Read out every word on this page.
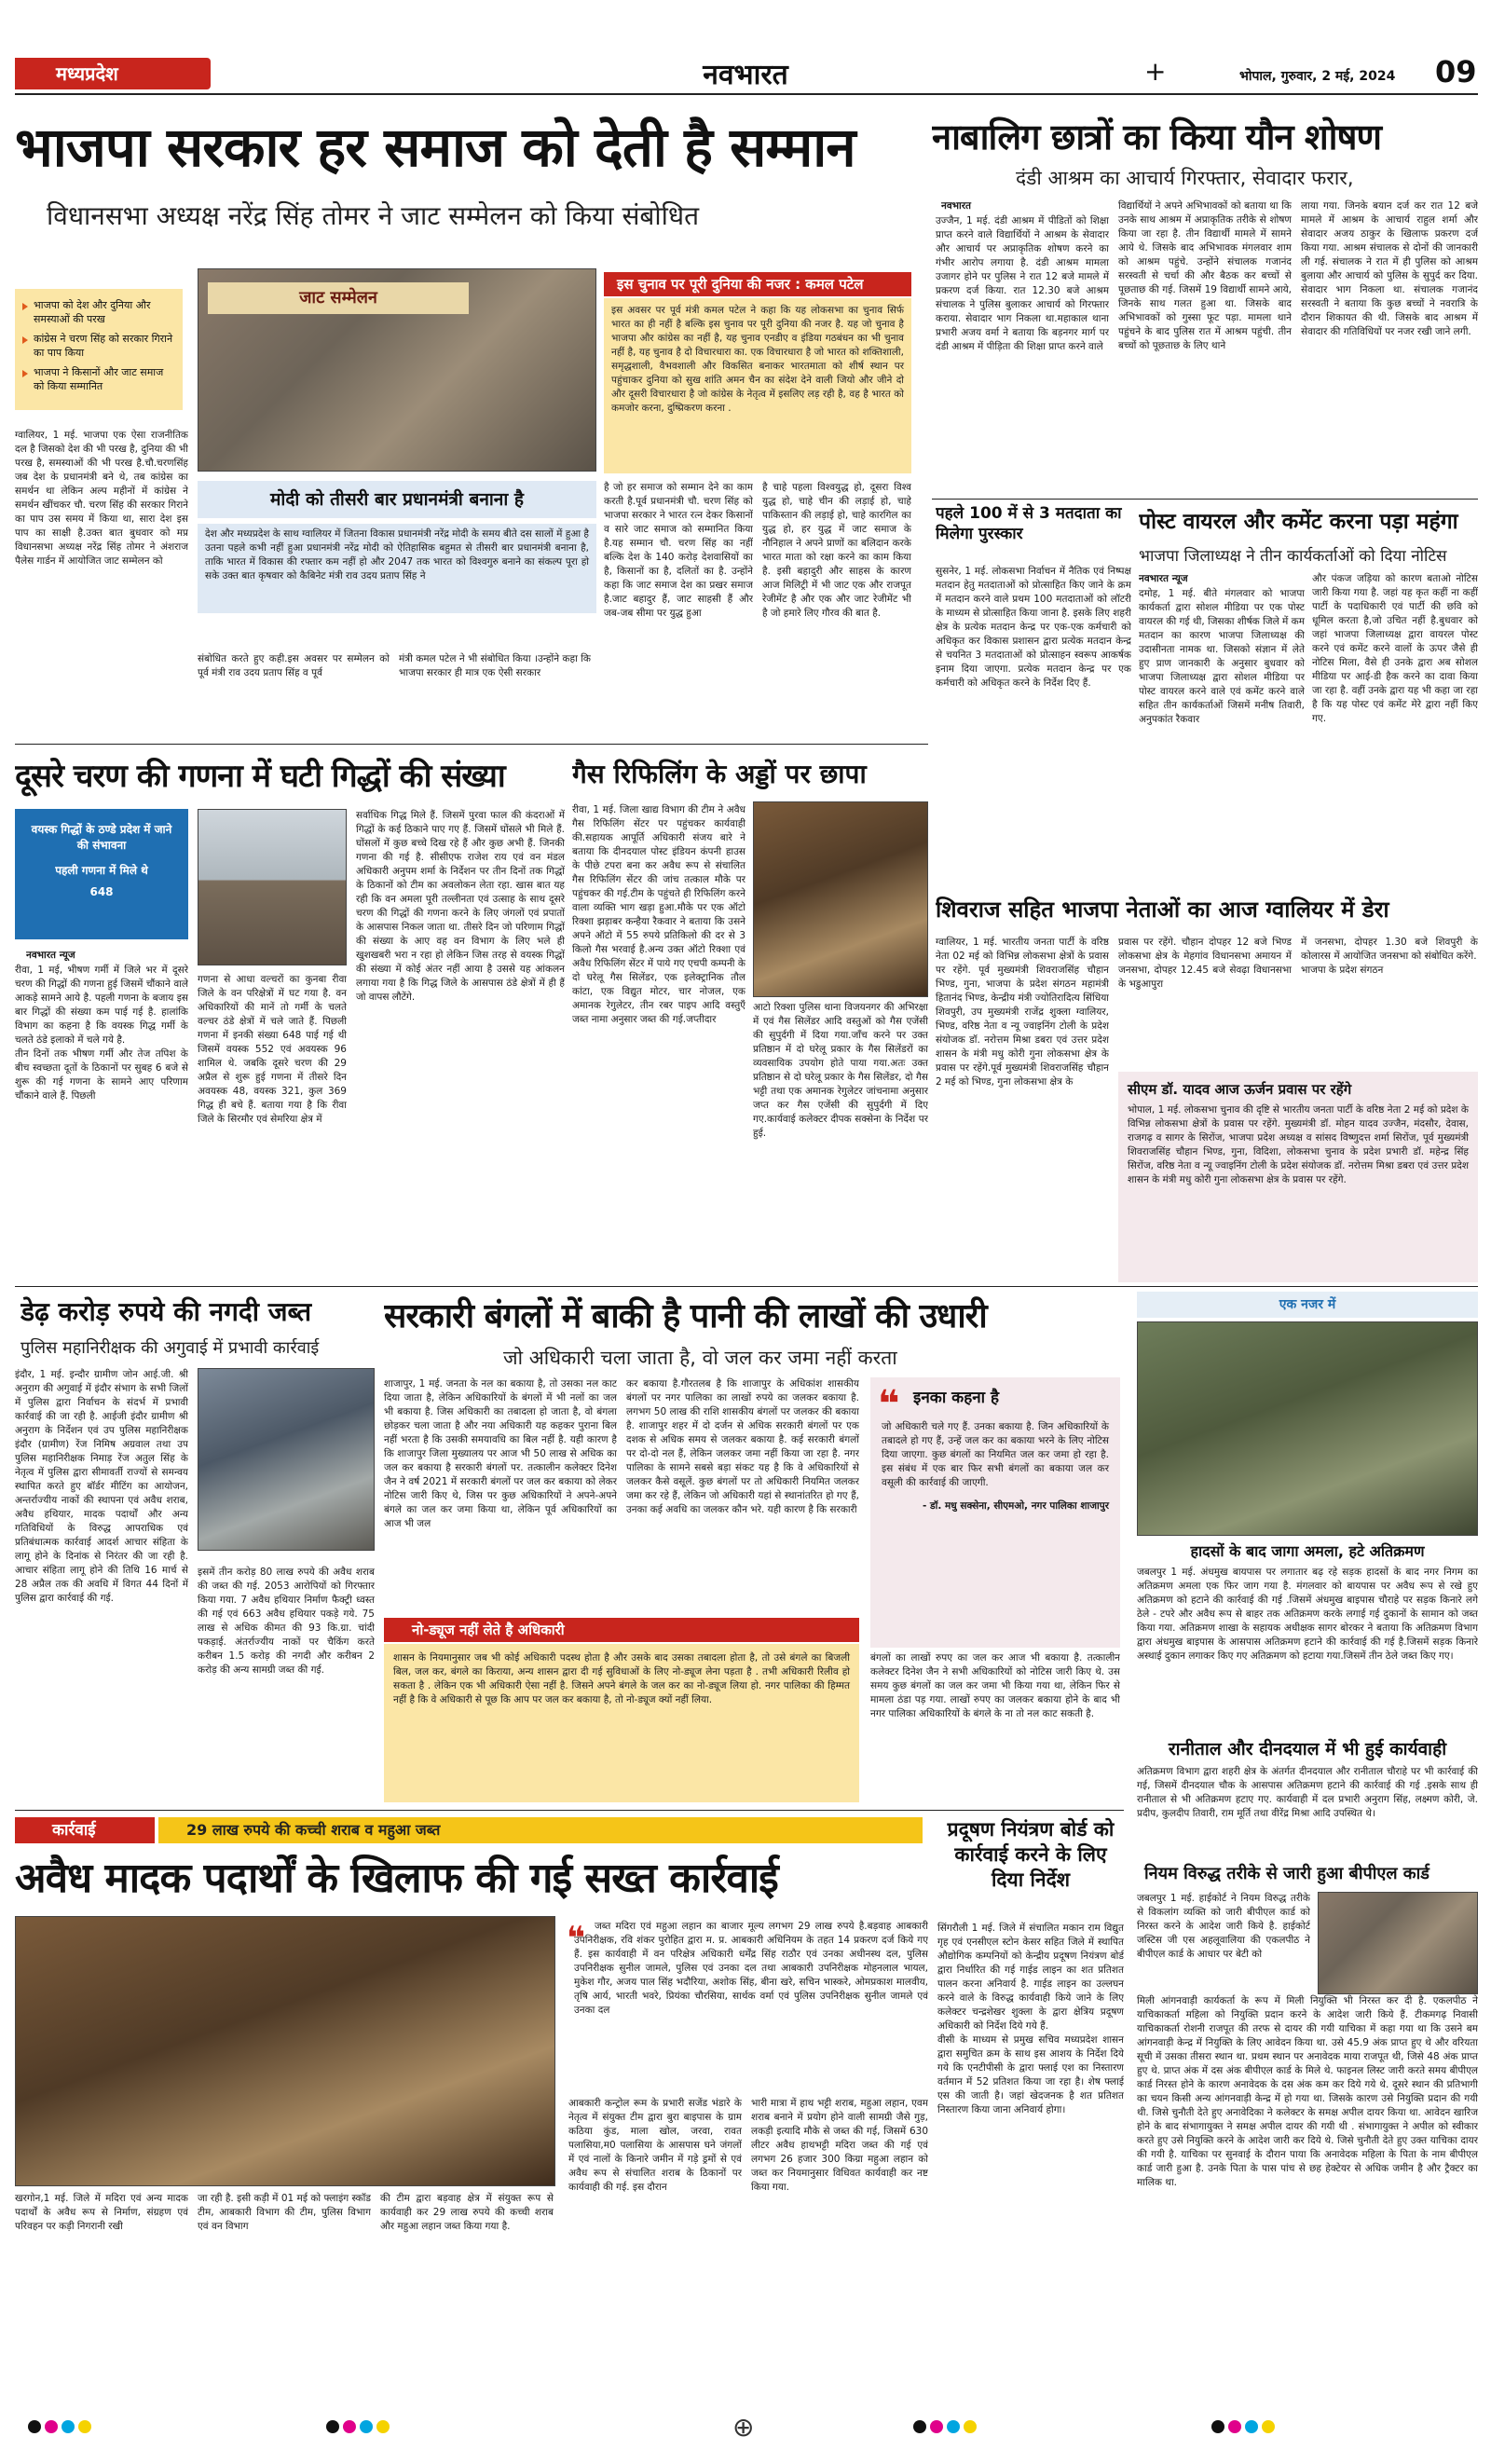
मध्यप्रदेश	नवभारत	+	भोपाल, गुरुवार, 2 मई, 2024	09
भाजपा सरकार हर समाज को देती है सम्मान
विधानसभा अध्यक्ष नरेंद्र सिंह तोमर ने जाट सम्मेलन को किया संबोधित
भाजपा को देश और दुनिया और समस्याओं की परख
कांग्रेस ने चरण सिंह को सरकार गिराने का पाप किया
भाजपा ने किसानों और जाट समाज को किया सम्मानित
ग्वालियर, 1 मई. भाजपा एक ऐसा राजनीतिक दल है जिसको देश की भी परख है, दुनिया की भी परख है, समस्याओं की भी परख है.चौ.चरणसिंह जब देश के प्रधानमंत्री बने थे, तब कांग्रेस का समर्थन था लेकिन अल्प महीनों में कांग्रेस ने समर्थन खींचकर चौ. चरण सिंह की सरकार गिराने का पाप उस समय में किया था, सारा देश इस पाप का साक्षी है.उक्त बात बुधवार को मप्र विधानसभा अध्यक्ष नरेंद्र सिंह तोमर ने अंशराज पैलेस गार्डन में आयोजित जाट सम्मेलन को
जाट सम्मेलन
इस चुनाव पर पूरी दुनिया की नजर : कमल पटेल
इस अवसर पर पूर्व मंत्री कमल पटेल ने कहा कि यह लोकसभा का चुनाव सिर्फ भारत का ही नहीं है बल्कि इस चुनाव पर पूरी दुनिया की नजर है. यह जो चुनाव है भाजपा और कांग्रेस का नहीं है, यह चुनाव एनडीए व इंडिया गठबंधन का भी चुनाव नहीं है, यह चुनाव है दो विचारधारा का. एक विचारधारा है जो भारत को शक्तिशाली, समृद्धशाली, वैभवशाली और विकसित बनाकर भारतमाता को शीर्ष स्थान पर पहुंचाकर दुनिया को सुख शांति अमन चैन का संदेश देने वाली जियो और जीने दो और दूसरी विचारधारा है जो कांग्रेस के नेतृत्व में इसलिए लड़ रही है, वह है भारत को कमजोर करना, दुष्प्रिकरण करना .
मोदी को तीसरी बार प्रधानमंत्री बनाना है
देश और मध्यप्रदेश के साथ ग्वालियर में जितना विकास प्रधानमंत्री नरेंद्र मोदी के समय बीते दस सालों में हुआ है उतना पहले कभी नहीं हुआ प्रधानमंत्री नरेंद्र मोदी को ऐतिहासिक बहुमत से तीसरी बार प्रधानमंत्री बनाना है, ताकि भारत में विकास की रफ्तार कम नहीं हो और 2047 तक भारत को विश्वगुरु बनाने का संकल्प पूरा हो सके उक्त बात कृषवार को कैबिनेट मंत्री राव उदय प्रताप सिंह ने
संबोधित करते हुए कही.इस अवसर पर सम्मेलन को पूर्व मंत्री राव उदय प्रताप सिंह व पूर्व
मंत्री कमल पटेल ने भी संबोधित किया ।उन्होंने कहा कि भाजपा सरकार ही मात्र एक ऐसी सरकार
है जो हर समाज को सम्मान देने का काम करती है.पूर्व प्रधानमंत्री चौ. चरण सिंह को भाजपा सरकार ने भारत रत्न देकर किसानों व सारे जाट समाज को सम्मानित किया है.यह सम्मान चौ. चरण सिंह का नहीं बल्कि देश के 140 करोड़ देशवासियों का है, किसानों का है, दलितों का है. उन्होंने कहा कि जाट समाज देश का प्रखर समाज है.जाट बहादुर हैं, जाट साहसी हैं और जब-जब सीमा पर युद्ध हुआ
है चाहे पहला विश्वयुद्ध हो, दूसरा विश्व युद्ध हो, चाहे चीन की लड़ाई हो, चाहे पाकिस्तान की लड़ाई हो, चाहे कारगिल का युद्ध हो, हर युद्ध में जाट समाज के नौनिहाल ने अपने प्राणों का बलिदान करके भारत माता को रक्षा करने का काम किया है. इसी बहादुरी और साहस के कारण आज मिलिट्री में भी जाट एक और राजपूत रेजीमेंट है और एक और जाट रेजीमेंट भी है जो हमारे लिए गौरव की बात है.
नाबालिग छात्रों का किया यौन शोषण
दंडी आश्रम का आचार्य गिरफ्तार, सेवादार फरार,
नवभारत
उज्जैन, 1 मई. दंडी आश्रम में पीडितों को शिक्षा प्राप्त करने वाले विद्यार्थियों ने आश्रम के सेवादार और आचार्य पर अप्राकृतिक शोषण करने का गंभीर आरोप लगाया है. दंडी आश्रम मामला उजागर होने पर पुलिस ने रात 12 बजे मामले में प्रकरण दर्ज किया. रात 12.30 बजे आश्रम संचालक ने पुलिस बुलाकर आचार्य को गिरफ्तार कराया. सेवादार भाग निकला था.महाकाल थाना प्रभारी अजय वर्मा ने बताया कि बड़नगर मार्ग पर दंडी आश्रम में पीड़िता की शिक्षा प्राप्त करने वाले
विद्यार्थियों ने अपने अभिभावकों को बताया था कि उनके साथ आश्रम में अप्राकृतिक तरीके से शोषण किया जा रहा है. तीन विद्यार्थी मामले में सामने आये थे. जिसके बाद अभिभावक मंगलवार शाम को आश्रम पहुंचे. उन्होंने संचालक गजानंद सरस्वती से चर्चा की और बैठक कर बच्चों से पूछताछ की गई. जिसमें 19 विद्यार्थी सामने आये, जिनके साथ गलत हुआ था. जिसके बाद अभिभावकों को गुस्सा फूट पड़ा. मामला थाने पहुंचने के बाद पुलिस रात में आश्रम पहुंची. तीन बच्चों को पूछताछ के लिए थाने
लाया गया. जिनके बयान दर्ज कर रात 12 बजे मामले में आश्रम के आचार्य राहुल शर्मा और सेवादार अजय ठाकुर के खिलाफ प्रकरण दर्ज किया गया. आश्रम संचालक से दोनों की जानकारी ली गई. संचालक ने रात में ही पुलिस को आश्रम बुलाया और आचार्य को पुलिस के सुपुर्द कर दिया. सेवादार भाग निकला था. संचालक गजानंद सरस्वती ने बताया कि कुछ बच्चों ने नवरात्रि के दौरान शिकायत की थी. जिसके बाद आश्रम में सेवादार की गतिविधियों पर नजर रखी जाने लगी.
पहले 100 में से 3 मतदाता का मिलेगा पुरस्कार
सुसनेर, 1 मई. लोकसभा निर्वाचन में नैतिक एवं निष्पक्ष मतदान हेतु मतदाताओं को प्रोत्साहित किए जाने के क्रम में मतदान करने वाले प्रथम 100 मतदाताओं को लॉटरी के माध्यम से प्रोत्साहित किया जाना है. इसके लिए शहरी क्षेत्र के प्रत्येक मतदान केन्द्र पर एक-एक कर्मचारी को अधिकृत कर विकास प्रशासन द्वारा प्रत्येक मतदान केन्द्र से चयनित 3 मतदाताओं को प्रोत्साहन स्वरूप आकर्षक इनाम दिया जाएगा. प्रत्येक मतदान केन्द्र पर एक कर्मचारी को अधिकृत करने के निर्देश दिए हैं.
पोस्ट वायरल और कमेंट करना पड़ा महंगा
भाजपा जिलाध्यक्ष ने तीन कार्यकर्ताओं को दिया नोटिस
नवभारत न्यूज
दमोह, 1 मई. बीते मंगलवार को भाजपा कार्यकर्ता द्वारा सोशल मीडिया पर एक पोस्ट वायरल की गई थी, जिसका शीर्षक जिले में कम मतदान का कारण भाजपा जिलाध्यक्ष की उदासीनता नामक था. जिसको संज्ञान में लेते हुए प्राण जानकारी के अनुसार बुधवार को भाजपा जिलाध्यक्ष द्वारा सोशल मीडिया पर पोस्ट वायरल करने वाले एवं कमेंट करने वाले सहित तीन कार्यकर्ताओं जिसमें मनीष तिवारी, अनुपकांत रैकवार
और पंकज जड़िया को कारण बताओ नोटिस जारी किया गया है. जहां यह कृत कहीं ना कहीं पार्टी के पदाधिकारी एवं पार्टी की छवि को धूमिल करता है,जो उचित नहीं है.बुधवार को जहां भाजपा जिलाध्यक्ष द्वारा वायरल पोस्ट करने एवं कमेंट करने वालों के ऊपर जैसे ही नोटिस मिला, वैसे ही उनके द्वारा अब सोशल मीडिया पर आई-डी हैक करने का दावा किया जा रहा है. वहीं उनके द्वारा यह भी कहा जा रहा है कि यह पोस्ट एवं कमेंट मेरे द्वारा नहीं किए गए.
दूसरे चरण की गणना में घटी गिद्धों की संख्या
वयस्क गिद्धों के ठण्डे प्रदेश में जाने की संभावना
पहली गणना में मिले थे
648
नवभारत न्यूज
रीवा, 1 मई, भीषण गर्मी में जिले भर में दूसरे चरण की गिद्धों की गणना हुई जिसमें चौंकाने वाले आकड़े सामने आये है. पहली गणना के बजाय इस बार गिद्धों की संख्या कम पाई गई है. हालांकि विभाग का कहना है कि वयस्क गिद्ध गर्मी के चलते ठंडे इलाको में चले गये है.
तीन दिनों तक भीषण गर्मी और तेज तपिश के बीच स्वच्छता दूतों के ठिकानों पर सुबह 6 बजे से शुरू की गई गणना के सामने आए परिणाम चौंकाने वाले हैं. पिछली
गणना से आधा वल्चरों का कुनबा रीवा जिले के वन परिक्षेत्रों में घट गया है. वन अधिकारियों की मानें तो गर्मी के चलते वल्चर ठंडे क्षेत्रों में चले जाते हैं. पिछली गणना में इनकी संख्या 648 पाई गई थी जिसमें वयस्क 552 एवं अवयस्क 96 शामिल थे. जबकि दूसरे चरण की 29 अप्रैल से शुरू हुई गणना में तीसरे दिन अवयस्क 48, वयस्क 321, कुल 369 गिद्ध ही बचे हैं. बताया गया है कि रीवा जिले के सिरमौर एवं सेमरिया क्षेत्र में
सर्वाधिक गिद्ध मिले हैं. जिसमें पुरवा फाल की कंदराओं में गिद्धों के कई ठिकाने पाए गए हैं. जिसमें घोंसले भी मिले हैं. घोंसलों में कुछ बच्चे दिख रहे हैं और कुछ अभी हैं. जिनकी गणना की गई है. सीसीएफ राजेश राय एवं वन मंडल अधिकारी अनुपम शर्मा के निर्देशन पर तीन दिनों तक गिद्धों के ठिकानों को टीम का अवलोकन लेता रहा. खास बात यह रही कि वन अमला पूरी तल्लीनता एवं उत्साह के साथ दूसरे चरण की गिद्धों की गणना करने के लिए जंगलों एवं प्रपातों के आसपास निकल जाता था. तीसरे दिन जो परिणाम गिद्धों की संख्या के आए वह वन विभाग के लिए भले ही खुशखबरी भरा न रहा हो लेकिन जिस तरह से वयस्क गिद्धों की संख्या में कोई अंतर नहीं आया है उससे यह आंकलन लगाया गया है कि गिद्ध जिले के आसपास ठंडे क्षेत्रों में ही हैं जो वापस लौटेंगे.
गैस रिफिलिंग के अड्डों पर छापा
रीवा, 1 मई. जिला खाद्य विभाग की टीम ने अवैध गैस रिफिलिंग सेंटर पर पहुंचकर कार्यवाही की.सहायक आपूर्ति अधिकारी संजय बारे ने बताया कि दीनदयाल पोस्ट इंडियन कंपनी हाउस के पीछे टपरा बना कर अवैध रूप से संचालित गैस रिफिलिंग सेंटर की जांच तत्काल मौके पर पहुंचकर की गई.टीम के पहुंचते ही रिफिलिंग करने वाला व्यक्ति भाग खड़ा हुआ.मौके पर एक ऑटो रिक्शा झड़ाबर कन्हैया रैकवार ने बताया कि उसने अपने ऑटो में 55 रुपये प्रतिकिलो की दर से 3 किलो गैस भरवाई है.अन्य उक्त ऑटो रिक्शा एवं अवैध रिफिलिंग सेंटर में पाये गए एचपी कम्पनी के दो घरेलू गैस सिलेंडर, एक इलेक्ट्रानिक तौल कांटा, एक विद्युत मोटर, चार नोजल, एक अमानक रेगुलेटर, तीन रबर पाइप आदि वस्तुएँ जब्त नामा अनुसार जब्त की गई.जप्तीदार
आटो रिक्शा पुलिस थाना विजयनगर की अभिरक्षा में एवं गैस सिलेंडर आदि वस्तुओं को गैस एजेंसी की सुपुर्दगी में दिया गया.जाँच करने पर उक्त प्रतिष्ठान में दो घरेलू प्रकार के गैस सिलेंडरों का व्यवसायिक उपयोग होते पाया गया.अतः उक्त प्रतिष्ठान से दो घरेलू प्रकार के गैस सिलेंडर, दो गैस भट्टी तथा एक अमानक रेगुलेटर जांचनामा अनुसार जप्त कर गैस एजेंसी की सुपुर्दगी में दिए गए.कार्यवाई कलेक्टर दीपक सक्सेना के निर्देश पर हुई.
शिवराज सहित भाजपा नेताओं का आज ग्वालियर में डेरा
ग्वालियर, 1 मई. भारतीय जनता पार्टी के वरिष्ठ नेता 02 मई को विभिन्न लोकसभा क्षेत्रों के प्रवास पर रहेंगे. पूर्व मुख्यमंत्री शिवराजसिंह चौहान भिण्ड, गुना, भाजपा के प्रदेश संगठन महामंत्री हितानंद भिण्ड, केन्द्रीय मंत्री ज्योतिरादित्य सिंधिया शिवपुरी, उप मुख्यमंत्री राजेंद्र शुक्ला ग्वालियर, भिण्ड, वरिष्ठ नेता व न्यू ज्वाइनिंग टोली के प्रदेश संयोजक डॉ. नरोत्तम मिश्रा डबरा एवं उत्तर प्रदेश शासन के मंत्री मधु कोरी गुना लोकसभा क्षेत्र के प्रवास पर रहेंगे.पूर्व मुख्यमंत्री शिवराजसिंह चौहान 2 मई को भिण्ड, गुना लोकसभा क्षेत्र के
प्रवास पर रहेंगे. चौहान दोपहर 12 बजे भिण्ड लोकसभा क्षेत्र के मेहगांव विधानसभा अमायन में जनसभा, दोपहर 12.45 बजे सेवढ़ा विधानसभा के भडुआपुरा
में जनसभा, दोपहर 1.30 बजे शिवपुरी के कोलारस में आयोजित जनसभा को संबोधित करेंगे.
भाजपा के प्रदेश संगठन
सीएम डॉ. यादव आज ऊर्जन प्रवास पर रहेंगे
भोपाल, 1 मई. लोकसभा चुनाव की दृष्टि से भारतीय जनता पार्टी के वरिष्ठ नेता 2 मई को प्रदेश के विभिन्न लोकसभा क्षेत्रों के प्रवास पर रहेंगे. मुख्यमंत्री डॉ. मोहन यादव उज्जैन, मंदसौर, देवास, राजगढ़ व सागर के सिरोंज, भाजपा प्रदेश अध्यक्ष व सांसद विष्णुदत्त शर्मा सिरोंज, पूर्व मुख्यमंत्री शिवराजसिंह चौहान भिण्ड, गुना, विदिशा, लोकसभा चुनाव के प्रदेश प्रभारी डॉ. महेन्द्र सिंह सिरोंज, वरिष्ठ नेता व न्यू ज्वाइनिंग टोली के प्रदेश संयोजक डॉ. नरोत्तम मिश्रा डबरा एवं उत्तर प्रदेश शासन के मंत्री मधु कोरी गुना लोकसभा क्षेत्र के प्रवास पर रहेंगे.
डेढ़ करोड़ रुपये की नगदी जब्त
पुलिस महानिरीक्षक की अगुवाई में प्रभावी कार्रवाई
इंदौर, 1 मई. इन्दौर ग्रामीण जोन आई.जी. श्री अनुराग की अगुवाई में इंदौर संभाग के सभी जिलों में पुलिस द्वारा निर्वाचन के संदर्भ में प्रभावी कार्रवाई की जा रही है. आईजी इंदौर ग्रामीण श्री अनुराग के निर्देशन एवं उप पुलिस महानिरीक्षक इंदौर (ग्रामीण) रेंज निमिष अग्रवाल तथा उप पुलिस महानिरीक्षक निमाड़ रेंज अतुल सिंह के नेतृत्व में पुलिस द्वारा सीमावर्ती राज्यों से समन्वय स्थापित करते हुए बॉर्डर मीटिंग का आयोजन, अन्तर्राज्यीय नाकों की स्थापना एवं अवैध शराब, अवैध हथियार, मादक पदार्थों और अन्य गतिविधियों के विरुद्ध आपराधिक एवं प्रतिबंधात्मक कार्रवाई आदर्श आचार संहिता के लागू होने के दिनांक से निरंतर की जा रही है. आचार संहिता लागू होने की तिथि 16 मार्च से 28 अप्रैल तक की अवधि में विगत 44 दिनों में पुलिस द्वारा कार्रवाई की गई.
इसमें तीन करोड़ 80 लाख रुपये की अवैध शराब की जब्त की गई. 2053 आरोपियों को गिरफ्तार किया गया. 7 अवैध हथियार निर्माण फैक्ट्री ध्वस्त की गई एवं 663 अवैध हथियार पकड़े गये. 75 लाख से अधिक कीमत की 93 कि.ग्रा. चांदी पकड़ाई. अंतर्राज्यीय नाकों पर चैकिंग करते करीबन 1.5 करोड़ की नगदी और करीबन 2 करोड़ की अन्य सामग्री जब्त की गई.
सरकारी बंगलों में बाकी है पानी की लाखों की उधारी
जो अधिकारी चला जाता है, वो जल कर जमा नहीं करता
शाजापुर, 1 मई. जनता के नल का बकाया है, तो उसका नल काट दिया जाता है, लेकिन अधिकारियों के बंगलों में भी नलों का जल भी बकाया है. जिस अधिकारी का तबादला हो जाता है, वो बंगला छोड़कर चला जाता है और नया अधिकारी यह कहकर पुराना बिल नहीं भरता है कि उसकी समयावधि का बिल नहीं है. यही कारण है कि शाजापुर जिला मुख्यालय पर आज भी 50 लाख से अधिक का जल कर बकाया है सरकारी बंगलों पर. तत्कालीन कलेक्टर दिनेश जैन ने वर्ष 2021 में सरकारी बंगलों पर जल कर बकाया को लेकर नोटिस जारी किए थे, जिस पर कुछ अधिकारियों ने अपने-अपने बंगले का जल कर जमा किया था, लेकिन पूर्व अधिकारियों का आज भी जल
कर बकाया है.गौरतलब है कि शाजापुर के अधिकांश शासकीय बंगलों पर नगर पालिका का लाखों रुपये का जलकर बकाया है. लगभग 50 लाख की राशि शासकीय बंगलों पर जलकर की बकाया है. शाजापुर शहर में दो दर्जन से अधिक सरकारी बंगलों पर एक दशक से अधिक समय से जलकर बकाया है. कई सरकारी बंगलों पर दो-दो नल हैं, लेकिन जलकर जमा नहीं किया जा रहा है. नगर पालिका के सामने सबसे बड़ा संकट यह है कि वे अधिकारियों से जलकर कैसे वसूलें. कुछ बंगलों पर तो अधिकारी नियमित जलकर जमा कर रहे हैं, लेकिन जो अधिकारी यहां से स्थानांतरित हो गए हैं, उनका कई अवधि का जलकर कौन भरे. यही कारण है कि सरकारी
❝ इनका कहना है
जो अधिकारी चले गए हैं. उनका बकाया है. जिन अधिकारियों के तबादले हो गए हैं, उन्हें जल कर का बकाया भरने के लिए नोटिस दिया जाएगा. कुछ बंगलों का नियमित जल कर जमा हो रहा है. इस संबंध में एक बार फिर सभी बंगलों का बकाया जल कर वसूली की कार्रवाई की जाएगी.
- डॉ. मधु सक्सेना, सीएमओ, नगर पालिका शाजापुर
नो-ड्यूज नहीं लेते है अधिकारी
शासन के नियमानुसार जब भी कोई अधिकारी पदस्थ होता है और उसके बाद उसका तबादला होता है, तो उसे बंगले का बिजली बिल, जल कर, बंगले का किराया, अन्य शासन द्वारा दी गई सुविधाओं के लिए नो-ड्यूज लेना पड़ता है . तभी अधिकारी रिलीव हो सकता है . लेकिन एक भी अधिकारी ऐसा नहीं है. जिसने अपने बंगले के जल कर का नो-ड्यूज लिया हो. नगर पालिका की हिम्मत नहीं है कि वे अधिकारी से पूछ कि आप पर जल कर बकाया है, तो नो-ड्यूज क्यों नहीं लिया.
बंगलों का लाखों रुपए का जल कर आज भी बकाया है. तत्कालीन कलेक्टर दिनेश जैन ने सभी अधिकारियों को नोटिस जारी किए थे. उस समय कुछ बंगलों का जल कर जमा भी किया गया था, लेकिन फिर से मामला ठंडा पड़ गया. लाखों रुपए का जलकर बकाया होने के बाद भी नगर पालिका अधिकारियों के बंगले के ना तो नल काट सकती है.
एक नजर में
हादसों के बाद जागा अमला, हटे अतिक्रमण
जबलपुर 1 मई. अंधमुख बायपास पर लगातार बढ़ रहे सड़क हादसों के बाद नगर निगम का अतिक्रमण अमला एक फिर जाग गया है. मंगलवार को बायपास पर अवैध रूप से रखे हुए अतिक्रमण को हटाने की कार्रवाई की गई .जिसमें अंधमुख बाइपास चौराहे पर सड़क किनारे लगे ठेले - टपरे और अवैध रूप से बाहर तक अतिक्रमण करके लगाई गई दुकानों के सामान को जब्त किया गया. अतिक्रमण शाखा के सहायक अधीक्षक सागर बोरकर ने बताया कि अतिक्रमण विभाग द्वारा अंधमुख बाइपास के आसपास अतिक्रमण हटाने की कार्रवाई की गई है.जिसमें सड़क किनारे अस्थाई दुकान लगाकर किए गए अतिक्रमण को हटाया गया.जिसमें तीन ठेले जब्त किए गए।
रानीताल और दीनदयाल में भी हुई कार्यवाही
अतिक्रमण विभाग द्वारा शहरी क्षेत्र के अंतर्गत दीनदयाल और रानीताल चौराहे पर भी कार्रवाई की गई, जिसमें दीनदयाल चौक के आसपास अतिक्रमण हटाने की कार्रवाई की गई .इसके साथ ही रानीताल से भी अतिक्रमण हटाए गए. कार्यवाही में दल प्रभारी अनुराग सिंह, लक्ष्मण कोरी, जे. प्रदीप, कुलदीप तिवारी, राम मूर्ति तथा वीरेंद्र मिश्रा आदि उपस्थित थे।
नियम विरुद्ध तरीके से जारी हुआ बीपीएल कार्ड
जबलपुर 1 मई. हाईकोर्ट ने नियम विरुद्ध तरीके से विकलांग व्यक्ति को जारी बीपीएल कार्ड को निरस्त करने के आदेश जारी किये है. हाईकोर्ट जस्टिस जी एस अहलूवालिया की एकलपीठ ने बीपीएल कार्ड के आधार पर बेटी को
मिली आंगनवाड़ी कार्यकर्ता के रूप में मिली नियुक्ति भी निरस्त कर दी है. एकलपीठ ने याचिकाकर्ता महिला को नियुक्ति प्रदान करने के आदेश जारी किये हैं. टीकमगढ़ निवासी याचिकाकर्ता रोशनी राजपूत की तरफ से दायर की गयी याचिका में कहा गया था कि उसने बम आंगनवाड़ी केन्द्र में नियुक्ति के लिए आवेदन किया था. उसे 45.9 अंक प्राप्त हुए थे और वरियता सूची में उसका तीसरा स्थान था. प्रथम स्थान पर अनावेदक माया राजपूत थी, जिसे 48 अंक प्राप्त हुए थे. प्राप्त अंक में दस अंक बीपीएल कार्ड के मिले थे. फाइनल लिस्ट जारी करते समय बीपीएल कार्ड निरस्त होने के कारण अनावेदक के दस अंक कम कर दिये गये थे. दूसरे स्थान की प्रतिभागी का चयन किसी अन्य आंगनवाड़ी केन्द्र में हो गया था. जिसके कारण उसे नियुक्ति प्रदान की गयी थी. जिसे चुनौती देते हुए अनावेदिका ने कलेक्टर के समक्ष अपील दायर किया था. आवेदन खारिज होने के बाद संभागायुक्त ने समक्ष अपील दायर की गयी थी . संभागायुक्त ने अपील को स्वीकार करते हुए उसे नियुक्ति करने के आदेश जारी कर दिये थे. जिसे चुनौती देते हुए उक्त याचिका दायर की गयी है. याचिका पर सुनवाई के दौरान पाया कि अनावेदक महिला के पिता के नाम बीपीएल कार्ड जारी हुआ है. उनके पिता के पास पांच से छह हेक्टेयर से अधिक जमीन है और ट्रैक्टर का मालिक था.
कार्रवाई	29 लाख रुपये की कच्ची शराब व महुआ जब्त
अवैध मादक पदार्थों के खिलाफ की गई सख्त कार्रवाई
खरगोन,1 मई. जिले में मदिरा एवं अन्य मादक पदार्थों के अवैध रूप से निर्माण, संग्रहण एवं परिवहन पर कड़ी निगरानी रखी
जा रही है. इसी कड़ी में 01 मई को फ्लाइंग स्कॉड टीम, आबकारी विभाग की टीम, पुलिस विभाग एवं वन विभाग
की टीम द्वारा बड़वाह क्षेत्र में संयुक्त रूप से कार्यवाही कर 29 लाख रुपये की कच्ची शराब और महुआ लहान जब्त किया गया है.
❝ जब्त मदिरा एवं महुआ लहान का बाजार मूल्य लगभग 29 लाख रुपये है.बड़वाह आबकारी उपनिरीक्षक, रवि शंकर पुरोहित द्वारा म. प्र. आबकारी अधिनियम के तहत 14 प्रकरण दर्ज किये गए हैं. इस कार्यवाही में वन परिक्षेत्र अधिकारी धर्मेंद्र सिंह राठौर एवं उनका अधीनस्थ दल, पुलिस उपनिरीक्षक सुनील जामले, पुलिस एवं उनका दल तथा आबकारी उपनिरीक्षक मोहनलाल भायल, मुकेश गौर, अजय पाल सिंह भदौरिया, अशोक सिंह, बीना खरे, सचिन भास्करे, ओमप्रकाश मालवीय, तृषि आर्य, भारती भवरे, प्रियंका चौरसिया, सार्थक वर्मा एवं पुलिस उपनिरीक्षक सुनील जामले एवं उनका दल
आबकारी कन्ट्रोल रूम के प्रभारी सजेंड भंडारे के नेतृत्व में संयुक्त टीम द्वारा बुरा बाइपास के ग्राम कठिया कुंड, माला खोल, जरवा, रावत पलासिया,म0 पलासिया के आसपास घने जंगलों में एवं नालों के किनारे जमीन में गड़े ड्रमों से एवं अवैध रूप से संचालित शराब के ठिकानों पर कार्यवाही की गई. इस दौरान
भारी मात्रा में हाथ भट्टी शराब, महुआ लहान, एवम शराब बनाने में प्रयोग होने वाली सामग्री जैसे गुड़, लकड़ी इत्यादि मौके से जब्त की गई, जिसमें 630 लीटर अवैध हाथभट्टी मदिरा जब्त की गई एवं लगभग 26 हजार 300 किग्रा महुआ लहान को जब्त कर नियमानुसार विधिवत कार्यवाही कर नष्ट किया गया.
प्रदूषण नियंत्रण बोर्ड को कार्रवाई करने के लिए दिया निर्देश
सिंगरौली 1 मई. जिले में संचालित मकान राम विद्युत गृह एवं एनसीएल स्टोन केसर सहित जिले में स्थापित औद्योगिक कम्पनियों को केन्द्रीय प्रदूषण नियंत्रण बोर्ड द्वारा निर्धारित की गई गाईड लाइन का शत प्रतिशत पालन करना अनिवार्य है. गाईड लाइन का उल्लघन करने वाले के विरुद्ध कार्यवाही किये जाने के लिए कलेक्टर चन्द्रशेखर शुक्ला के द्वारा क्षेत्रिय प्रदूषण अधिकारी को निर्देश दिये गये हैं.
वीसी के माध्यम से प्रमुख सचिव मध्यप्रदेश शासन द्वारा समुचित क्रम के साथ इस आशय के निर्देश दिये गये कि एनटीपीसी के द्वारा फ्लाई एश का निस्तारण वर्तमान में 52 प्रतिशत किया जा रहा है। शेष फ्लाई एस की जाती है। जहां खेदजनक है शत प्रतिशत निस्तारण किया जाना अनिवार्य होगा।
⊕
